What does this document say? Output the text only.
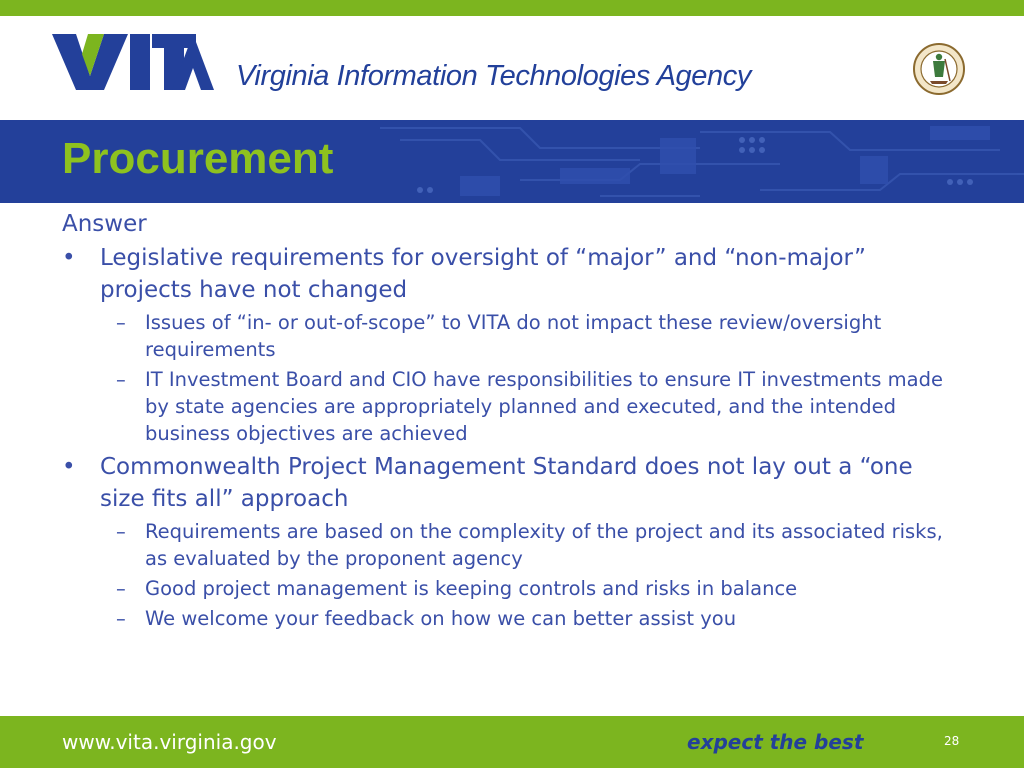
Virginia Information Technologies Agency
Procurement
Answer
• Legislative requirements for oversight of “major” and “non-major” projects have not changed
– Issues of “in- or out-of-scope” to VITA do not impact these review/oversight requirements
– IT Investment Board and CIO have responsibilities to ensure IT investments made by state agencies are appropriately planned and executed, and the intended business objectives are achieved
• Commonwealth Project Management Standard does not lay out a “one size fits all” approach
– Requirements are based on the complexity of the project and its associated risks, as evaluated by the proponent agency
– Good project management is keeping controls and risks in balance
– We welcome your feedback on how we can better assist you
www.vita.virginia.gov	expect the best	28
